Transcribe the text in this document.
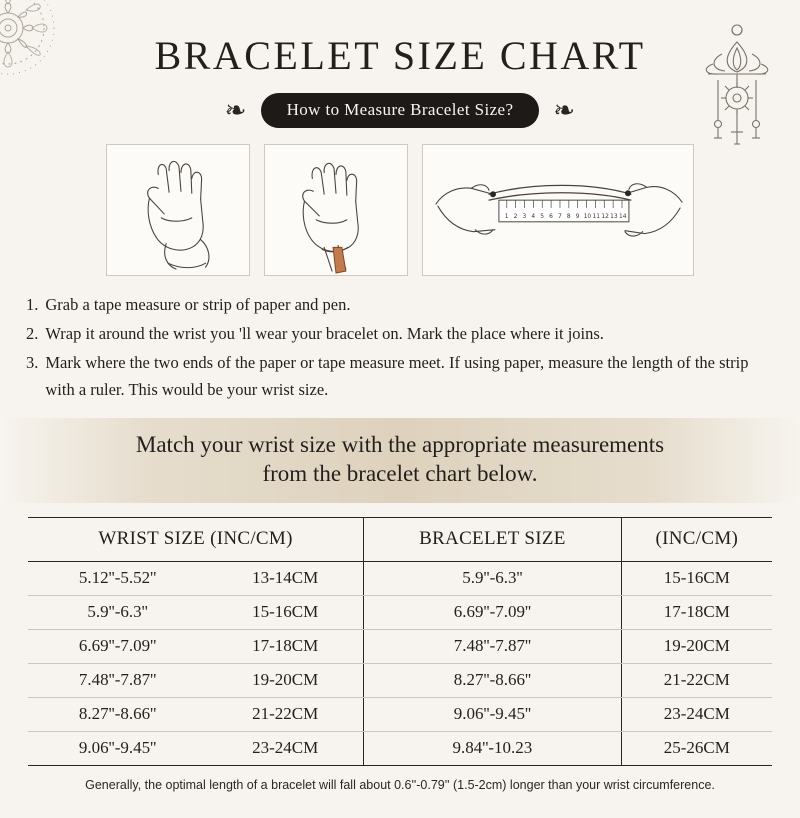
BRACELET SIZE CHART
❧	How to Measure Bracelet Size?	❧
1 2 3 4 5 6 7 8 9 10 11 12 13 14
1. Grab a tape measure or strip of paper and pen.
2. Wrap it around the wrist you 'll wear your bracelet on. Mark the place where it joins.
3. Mark where the two ends of the paper or tape measure meet. If using paper, measure the length of the strip with a ruler. This would be your wrist size.
Match your wrist size with the appropriate measurements
from the bracelet chart below.
WRIST SIZE (INC/CM)		BRACELET SIZE	(INC/CM)
5.12''-5.52''	13-14CM	5.9''-6.3''	15-16CM
5.9''-6.3''	15-16CM	6.69''-7.09''	17-18CM
6.69''-7.09''	17-18CM	7.48''-7.87''	19-20CM
7.48''-7.87''	19-20CM	8.27''-8.66''	21-22CM
8.27''-8.66''	21-22CM	9.06''-9.45''	23-24CM
9.06''-9.45''	23-24CM	9.84''-10.23	25-26CM
Generally, the optimal length of a bracelet will fall about 0.6''-0.79'' (1.5-2cm) longer than your wrist circumference.
